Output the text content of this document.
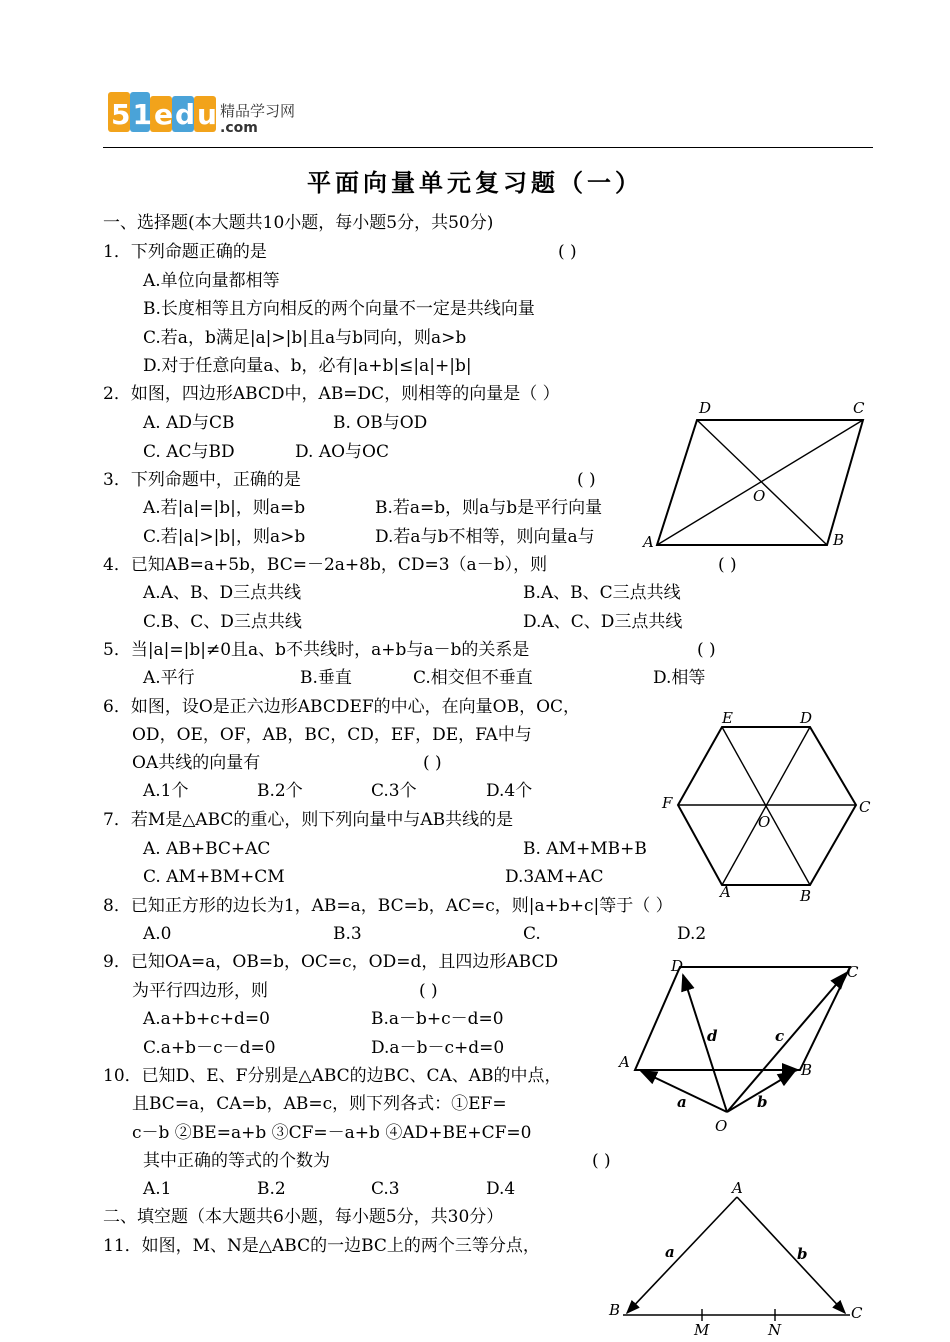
51edu 精品学习网
.com
平面向量单元复习题（一）
一、选择题(本大题共10小题，每小题5分，共50分)
1．下列命题正确的是	( )
A.单位向量都相等
B.长度相等且方向相反的两个向量不一定是共线向量
C.若a，b满足|a|>|b|且a与b同向，则a>b
D.对于任意向量a、b，必有|a+b|≤|a|+|b|
2．如图，四边形ABCD中，AB=DC，则相等的向量是（ ）
A. AD与CB	B. OB与OD
C. AC与BD	D. AO与OC
3．下列命题中，正确的是	( )
A.若|a|=|b|，则a=b	B.若a=b，则a与b是平行向量
C.若|a|>|b|，则a>b	D.若a与b不相等，则向量a与
4．已知AB=a+5b，BC=－2a+8b，CD=3（a－b），则	( )
A.A、B、D三点共线	B.A、B、C三点共线
C.B、C、D三点共线	D.A、C、D三点共线
5．当|a|=|b|≠0且a、b不共线时，a+b与a－b的关系是	( )
A.平行	B.垂直	C.相交但不垂直	D.相等
6．如图，设O是正六边形ABCDEF的中心，在向量OB，OC，
OD，OE，OF，AB，BC，CD，EF，DE，FA中与
OA共线的向量有	( )
A.1个	B.2个	C.3个	D.4个
7．若M是△ABC的重心，则下列向量中与AB共线的是
A. AB+BC+AC	B. AM+MB+B
C. AM+BM+CM	D.3AM+AC
8．已知正方形的边长为1，AB=a，BC=b，AC=c，则|a+b+c|等于（ ）
A.0	B.3	C.	D.2
9．已知OA=a，OB=b，OC=c，OD=d，且四边形ABCD
为平行四边形，则	( )
A.a+b+c+d=0	B.a－b+c－d=0
C.a+b－c－d=0	D.a－b－c+d=0
10．已知D、E、F分别是△ABC的边BC、CA、AB的中点，
且BC=a，CA=b，AB=c，则下列各式：①EF=
c－b ②BE=a+b ③CF=－a+b ④AD+BE+CF=0
其中正确的等式的个数为	( )
A.1	B.2	C.3	D.4
二、填空题（本大题共6小题，每小题5分，共30分）
11．如图，M、N是△ABC的一边BC上的两个三等分点，
D	C
O
A	B
E	D
F
O
C
A	B
D	C
A	B
O
d	c
a	b
A
a	b
B	C
M	N
